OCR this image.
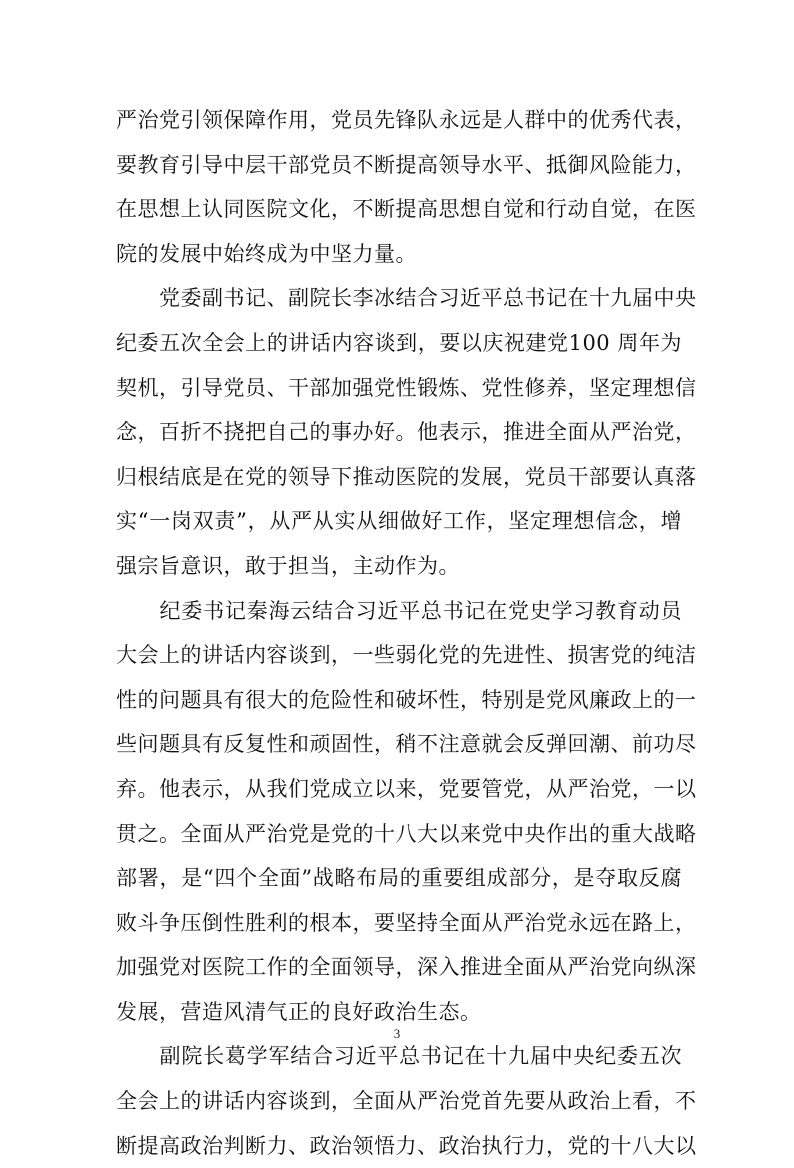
严治党引领保障作用，党员先锋队永远是人群中的优秀代表，
要教育引导中层干部党员不断提高领导水平、抵御风险能力，
在思想上认同医院文化，不断提高思想自觉和行动自觉，在医
院的发展中始终成为中坚力量。
　　党委副书记、副院长李冰结合习近平总书记在十九届中央
纪委五次全会上的讲话内容谈到，要以庆祝建党100 周年为
契机，引导党员、干部加强党性锻炼、党性修养，坚定理想信
念，百折不挠把自己的事办好。他表示，推进全面从严治党，
归根结底是在党的领导下推动医院的发展，党员干部要认真落
实“一岗双责”，从严从实从细做好工作，坚定理想信念，增
强宗旨意识，敢于担当，主动作为。
　　纪委书记秦海云结合习近平总书记在党史学习教育动员
大会上的讲话内容谈到，一些弱化党的先进性、损害党的纯洁
性的问题具有很大的危险性和破坏性，特别是党风廉政上的一
些问题具有反复性和顽固性，稍不注意就会反弹回潮、前功尽
弃。他表示，从我们党成立以来，党要管党，从严治党，一以
贯之。全面从严治党是党的十八大以来党中央作出的重大战略
部署，是“四个全面”战略布局的重要组成部分，是夺取反腐
败斗争压倒性胜利的根本，要坚持全面从严治党永远在路上，
加强党对医院工作的全面领导，深入推进全面从严治党向纵深
发展，营造风清气正的良好政治生态。
　　副院长葛学军结合习近平总书记在十九届中央纪委五次
全会上的讲话内容谈到，全面从严治党首先要从政治上看，不
断提高政治判断力、政治领悟力、政治执行力，党的十八大以
3
